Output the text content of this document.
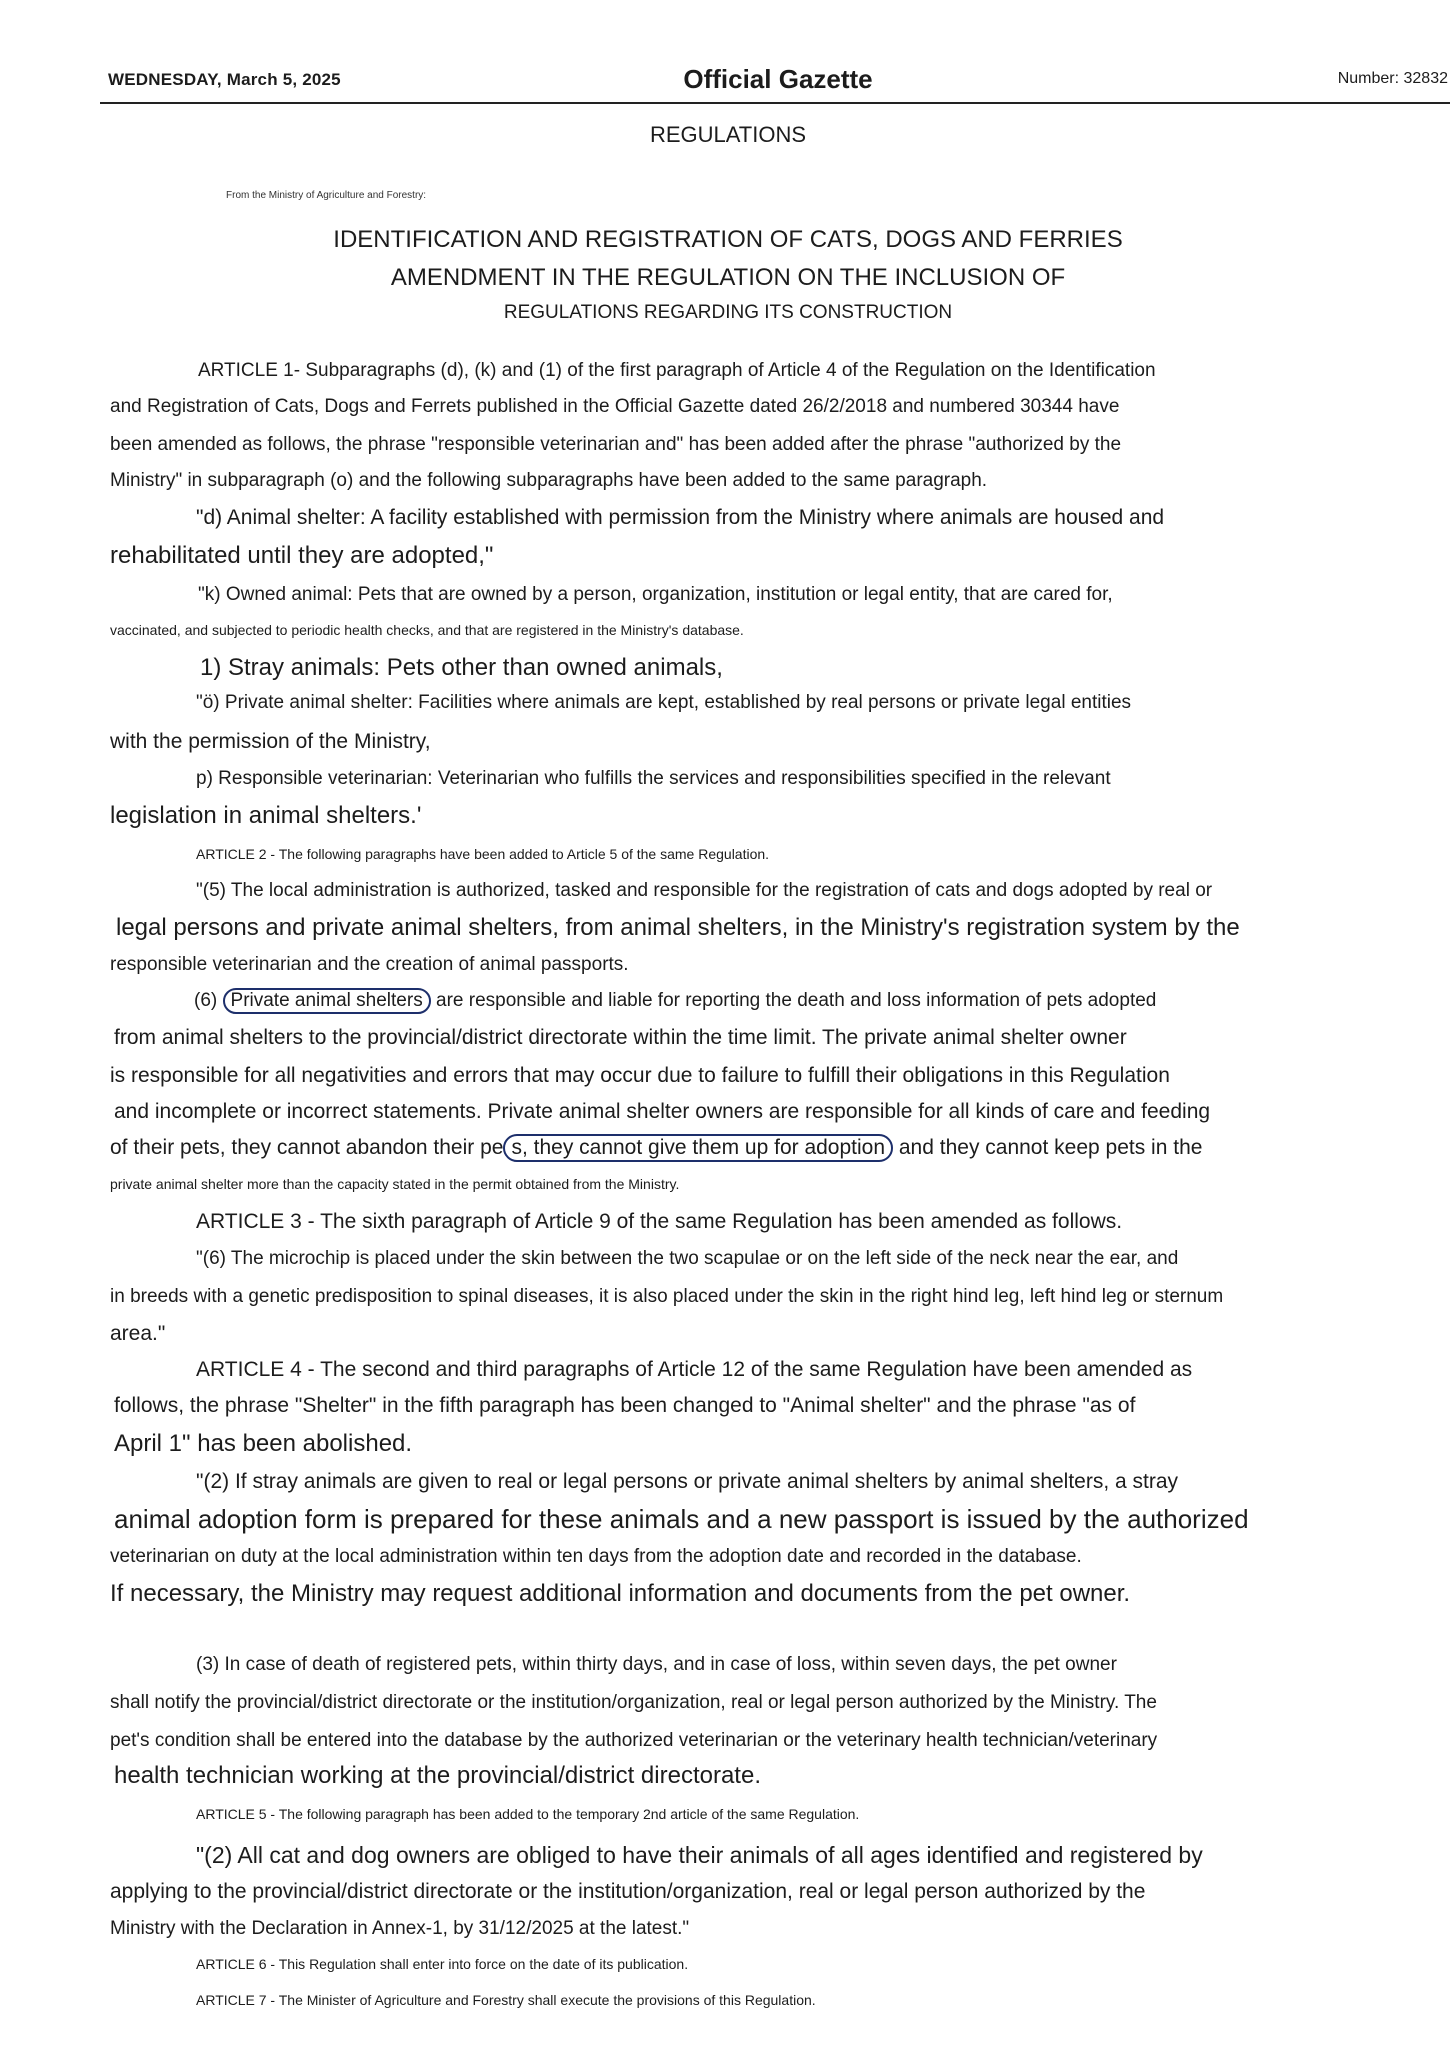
WEDNESDAY, March 5, 2025	Official Gazette	Number: 32832
REGULATIONS
From the Ministry of Agriculture and Forestry:
IDENTIFICATION AND REGISTRATION OF CATS, DOGS AND FERRIES
AMENDMENT IN THE REGULATION ON THE INCLUSION OF
REGULATIONS REGARDING ITS CONSTRUCTION
ARTICLE 1- Subparagraphs (d), (k) and (1) of the first paragraph of Article 4 of the Regulation on the Identification
and Registration of Cats, Dogs and Ferrets published in the Official Gazette dated 26/2/2018 and numbered 30344 have
been amended as follows, the phrase "responsible veterinarian and" has been added after the phrase "authorized by the
Ministry" in subparagraph (o) and the following subparagraphs have been added to the same paragraph.
"d) Animal shelter: A facility established with permission from the Ministry where animals are housed and
rehabilitated until they are adopted,"
"k) Owned animal: Pets that are owned by a person, organization, institution or legal entity, that are cared for,
vaccinated, and subjected to periodic health checks, and that are registered in the Ministry's database.
1) Stray animals: Pets other than owned animals,
"ö) Private animal shelter: Facilities where animals are kept, established by real persons or private legal entities
with the permission of the Ministry,
p) Responsible veterinarian: Veterinarian who fulfills the services and responsibilities specified in the relevant
legislation in animal shelters.'
ARTICLE 2 - The following paragraphs have been added to Article 5 of the same Regulation.
"(5) The local administration is authorized, tasked and responsible for the registration of cats and dogs adopted by real or
legal persons and private animal shelters, from animal shelters, in the Ministry's registration system by the
responsible veterinarian and the creation of animal passports.
(6) Private animal shelters are responsible and liable for reporting the death and loss information of pets adopted
from animal shelters to the provincial/district directorate within the time limit. The private animal shelter owner
is responsible for all negativities and errors that may occur due to failure to fulfill their obligations in this Regulation
and incomplete or incorrect statements. Private animal shelter owners are responsible for all kinds of care and feeding
of their pets, they cannot abandon their pe s, they cannot give them up for adoption and they cannot keep pets in the
private animal shelter more than the capacity stated in the permit obtained from the Ministry.
ARTICLE 3 - The sixth paragraph of Article 9 of the same Regulation has been amended as follows.
"(6) The microchip is placed under the skin between the two scapulae or on the left side of the neck near the ear, and
in breeds with a genetic predisposition to spinal diseases, it is also placed under the skin in the right hind leg, left hind leg or sternum
area."
ARTICLE 4 - The second and third paragraphs of Article 12 of the same Regulation have been amended as
follows, the phrase "Shelter" in the fifth paragraph has been changed to "Animal shelter" and the phrase "as of
April 1" has been abolished.
"(2) If stray animals are given to real or legal persons or private animal shelters by animal shelters, a stray
animal adoption form is prepared for these animals and a new passport is issued by the authorized
veterinarian on duty at the local administration within ten days from the adoption date and recorded in the database.
If necessary, the Ministry may request additional information and documents from the pet owner.
(3) In case of death of registered pets, within thirty days, and in case of loss, within seven days, the pet owner
shall notify the provincial/district directorate or the institution/organization, real or legal person authorized by the Ministry. The
pet's condition shall be entered into the database by the authorized veterinarian or the veterinary health technician/veterinary
health technician working at the provincial/district directorate.
ARTICLE 5 - The following paragraph has been added to the temporary 2nd article of the same Regulation.
"(2) All cat and dog owners are obliged to have their animals of all ages identified and registered by
applying to the provincial/district directorate or the institution/organization, real or legal person authorized by the
Ministry with the Declaration in Annex-1, by 31/12/2025 at the latest."
ARTICLE 6 - This Regulation shall enter into force on the date of its publication.
ARTICLE 7 - The Minister of Agriculture and Forestry shall execute the provisions of this Regulation.
